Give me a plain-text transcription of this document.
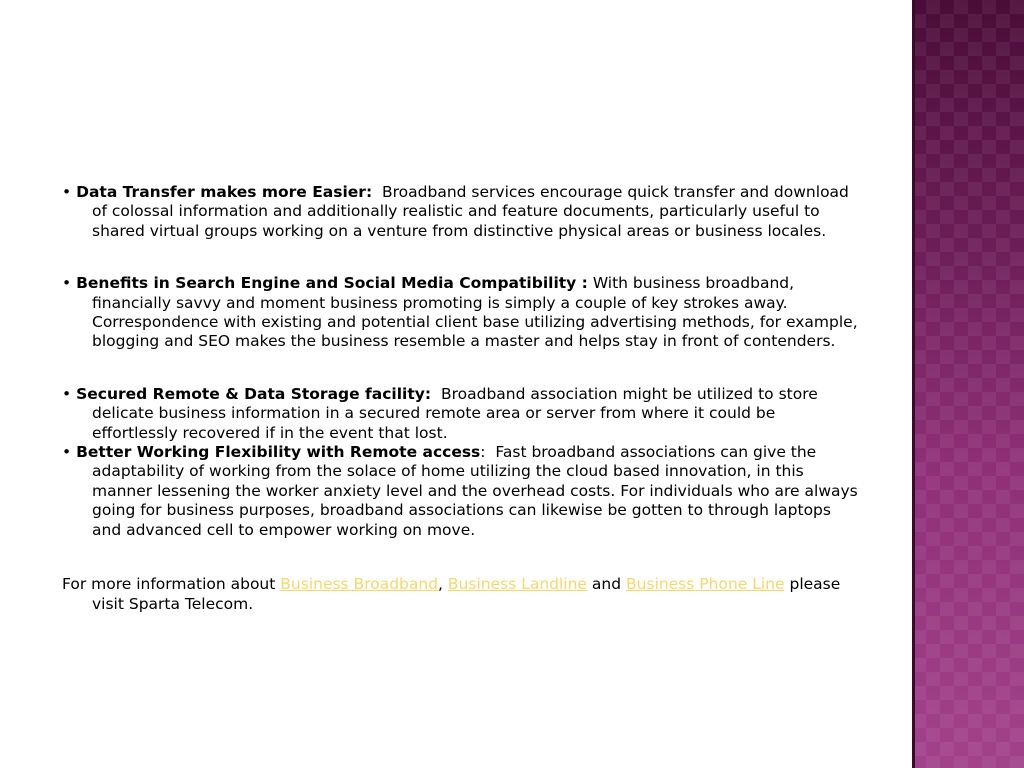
• Data Transfer makes more Easier: Broadband services encourage quick transfer and download of colossal information and additionally realistic and feature documents, particularly useful to shared virtual groups working on a venture from distinctive physical areas or business locales.

• Benefits in Search Engine and Social Media Compatibility : With business broadband, financially savvy and moment business promoting is simply a couple of key strokes away. Correspondence with existing and potential client base utilizing advertising methods, for example, blogging and SEO makes the business resemble a master and helps stay in front of contenders.

• Secured Remote & Data Storage facility: Broadband association might be utilized to store delicate business information in a secured remote area or server from where it could be effortlessly recovered if in the event that lost.

• Better Working Flexibility with Remote access: Fast broadband associations can give the adaptability of working from the solace of home utilizing the cloud based innovation, in this manner lessening the worker anxiety level and the overhead costs. For individuals who are always going for business purposes, broadband associations can likewise be gotten to through laptops and advanced cell to empower working on move.

For more information about Business Broadband, Business Landline and Business Phone Line please visit Sparta Telecom.
